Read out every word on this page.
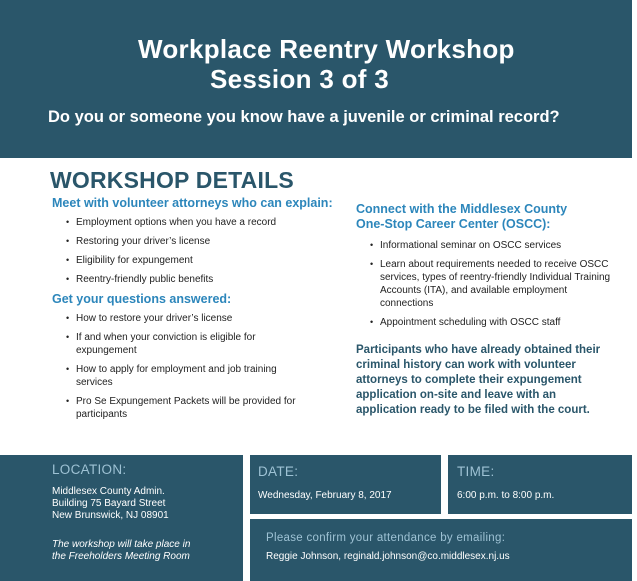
Workplace Reentry Workshop
Session 3 of 3
Do you or someone you know have a juvenile or criminal record?
WORKSHOP DETAILS
Meet with volunteer attorneys who can explain:
• Employment options when you have a record
• Restoring your driver’s license
• Eligibility for expungement
• Reentry-friendly public benefits
Get your questions answered:
• How to restore your driver’s license
• If and when your conviction is eligible for expungement
• How to apply for employment and job training services
• Pro Se Expungement Packets will be provided for participants
Connect with the Middlesex County
One-Stop Career Center (OSCC):
• Informational seminar on OSCC services
• Learn about requirements needed to receive OSCC services, types of reentry-friendly Individual Training Accounts (ITA), and available employment connections
• Appointment scheduling with OSCC staff
Participants who have already obtained their criminal history can work with volunteer attorneys to complete their expungement application on-site and leave with an application ready to be filed with the court.
LOCATION:
Middlesex County Admin.
Building 75 Bayard Street
New Brunswick, NJ 08901
The workshop will take place in
the Freeholders Meeting Room
DATE:
Wednesday, February 8, 2017
TIME:
6:00 p.m. to 8:00 p.m.
Please confirm your attendance by emailing:
Reggie Johnson, reginald.johnson@co.middlesex.nj.us
